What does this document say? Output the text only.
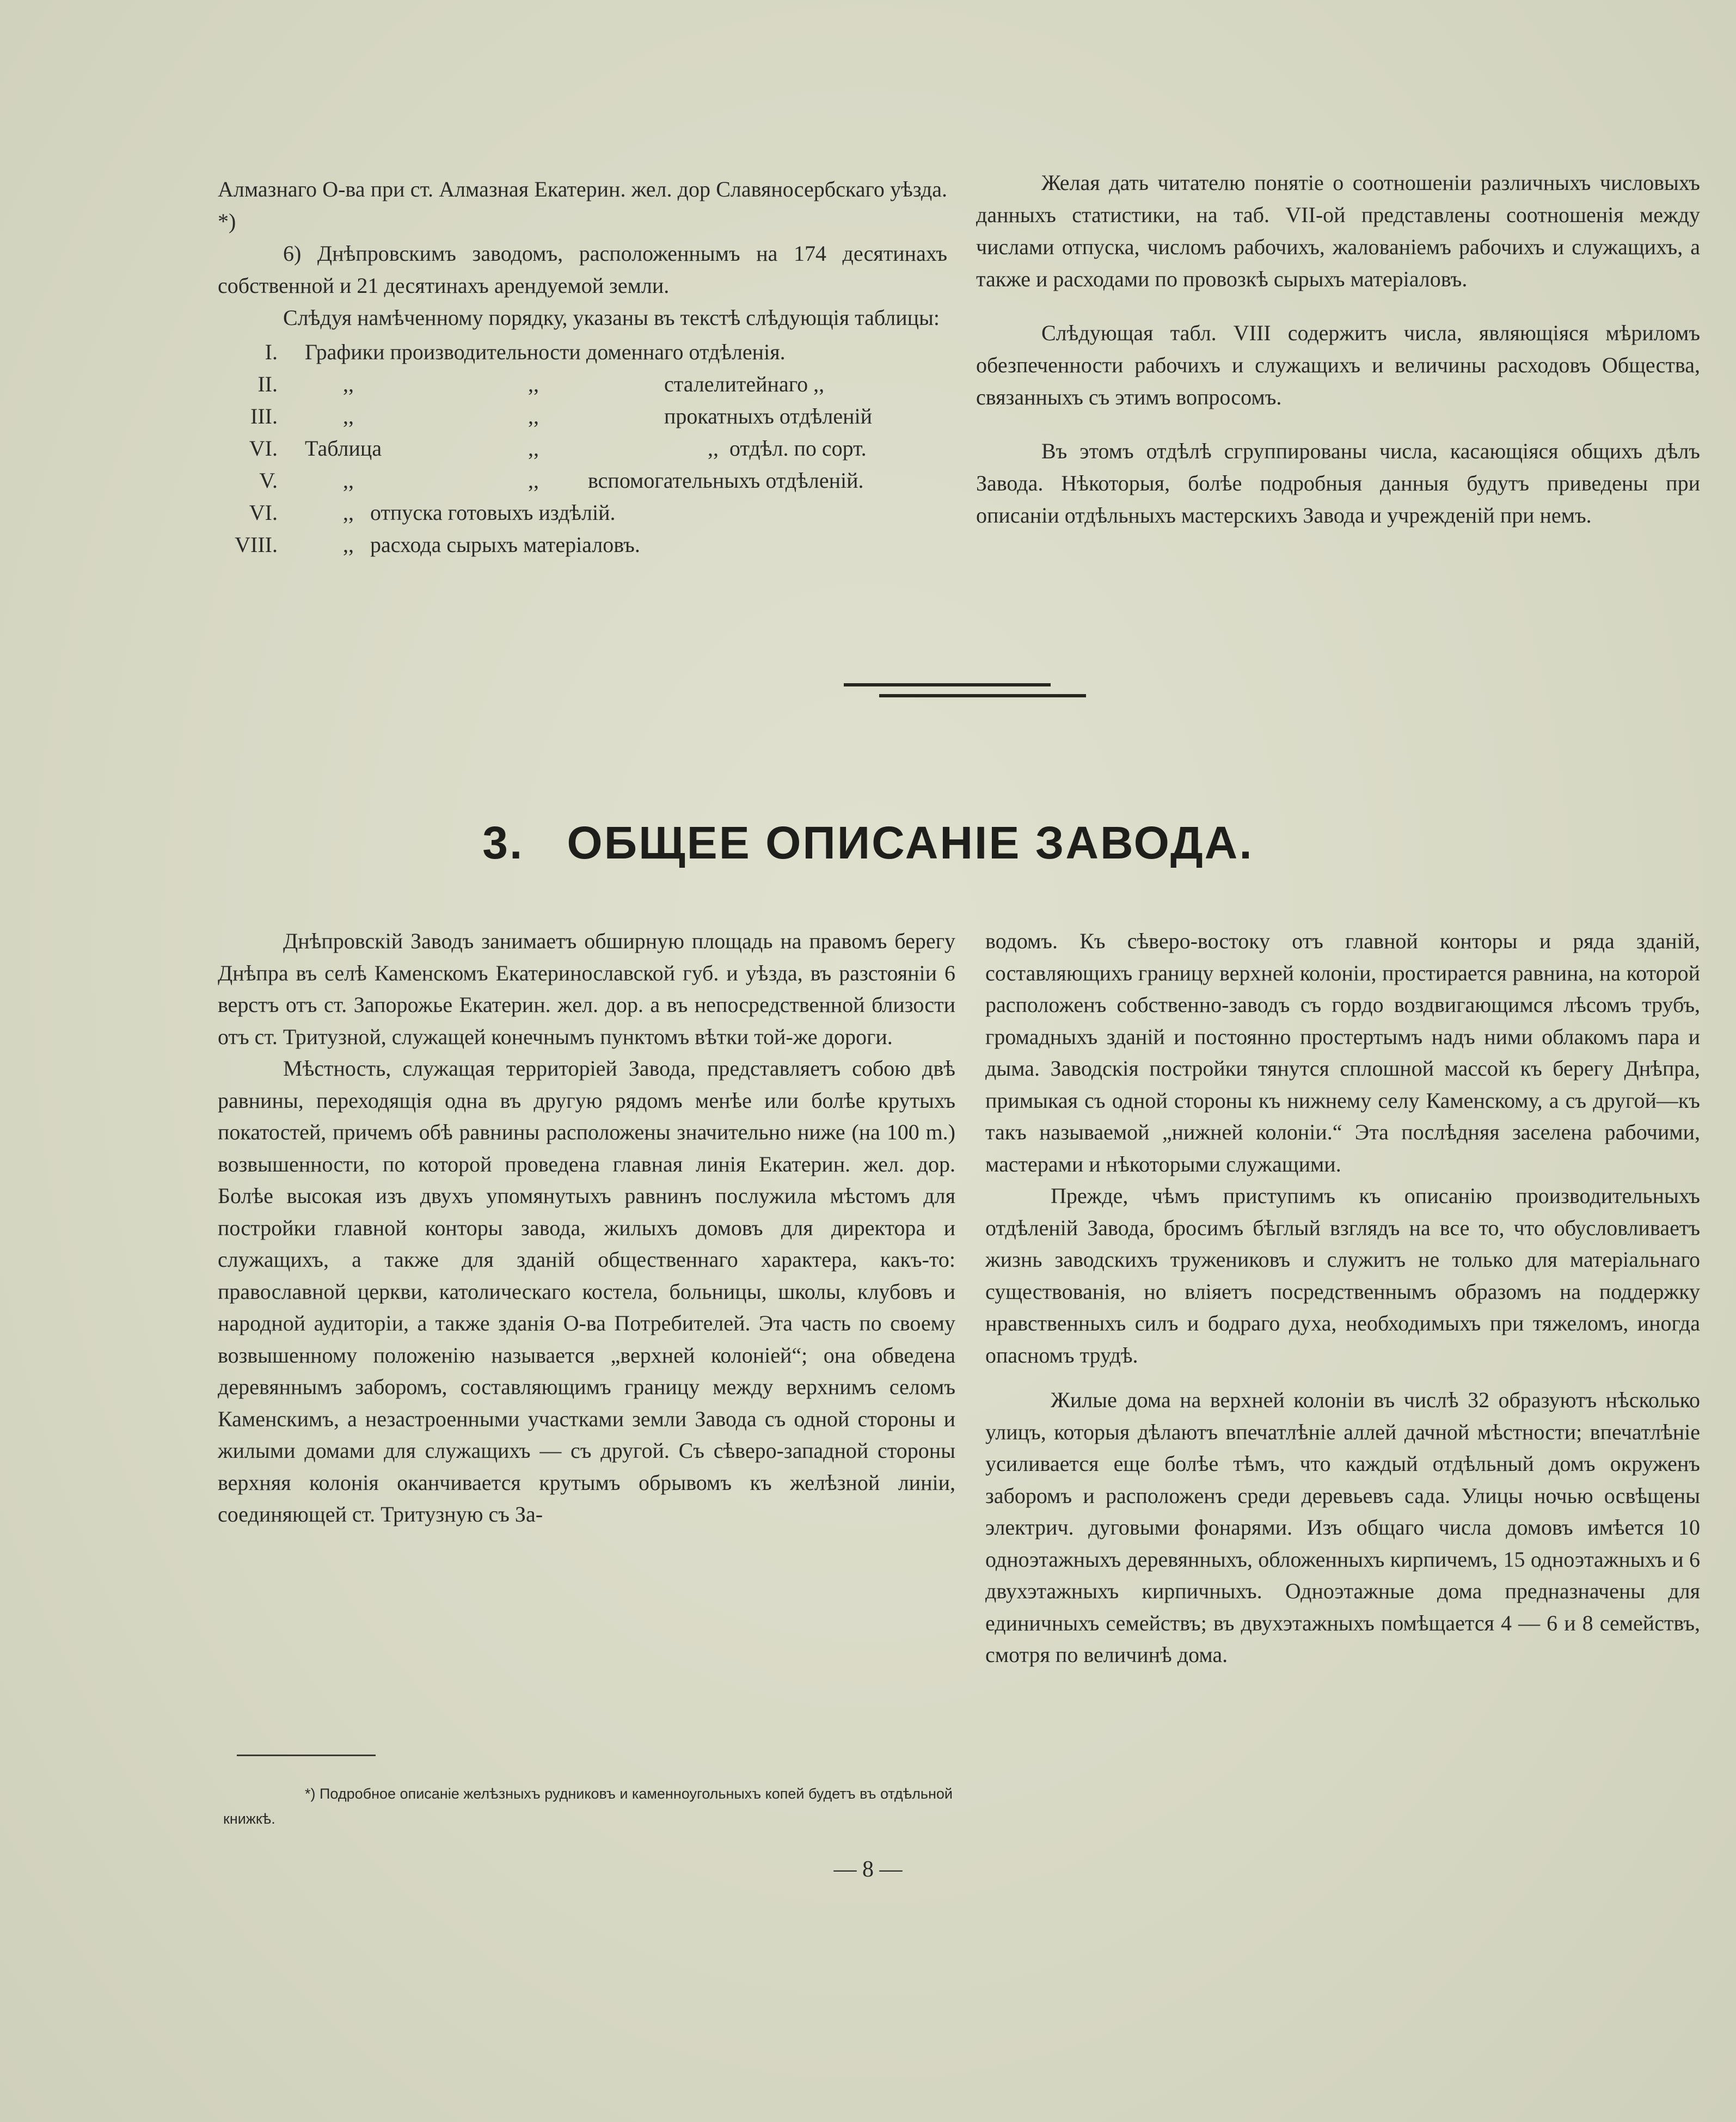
Алмазнаго О-ва при ст. Алмазная Екатерин. жел. дор Славяносербскаго уѣзда. *)

6) Днѣпровскимъ заводомъ, расположеннымъ на 174 десятинахъ собственной и 21 десятинахъ арендуемой земли.

Слѣдуя намѣченному порядку, указаны въ текстѣ слѣдующія таблицы:

I. Графики производительности доменнаго отдѣленія.
II.	,,	,,	сталелитейнаго ,,
III.	,,	,,	прокатныхъ отдѣленій
VI. Таблица	,,	,,  отдѣл. по сорт.
V.	,,	,, вспомогательныхъ отдѣленій.
VI.	,,   отпуска готовыхъ издѣлій.
VIII.	,,   расхода сырыхъ матеріаловъ.

Желая дать читателю понятіе о соотношеніи различныхъ числовыхъ данныхъ статистики, на таб. VII-ой представлены соотношенія между числами отпуска, числомъ рабочихъ, жалованіемъ рабочихъ и служащихъ, а также и расходами по провозкѣ сырыхъ матеріаловъ.

Слѣдующая табл. VIII содержитъ числа, являющіяся мѣриломъ обезпеченности рабочихъ и служащихъ и величины расходовъ Общества, связанныхъ съ этимъ вопросомъ.

Въ этомъ отдѣлѣ сгруппированы числа, касающіяся общихъ дѣлъ Завода. Нѣкоторыя, болѣе подробныя данныя будутъ приведены при описаніи отдѣльныхъ мастерскихъ Завода и учрежденій при немъ.

3.   ОБЩЕЕ ОПИСАНІЕ ЗАВОДА.

Днѣпровскій Заводъ занимаетъ обширную площадь на правомъ берегу Днѣпра въ селѣ Каменскомъ Екатеринославской губ. и уѣзда, въ разстояніи 6 верстъ отъ ст. Запорожье Екатерин. жел. дор. а въ непосредственной близости отъ ст. Тритузной, служащей конечнымъ пунктомъ вѣтки той-же дороги.

Мѣстность, служащая территоріей Завода, представляетъ собою двѣ равнины, переходящія одна въ другую рядомъ менѣе или болѣе крутыхъ покатостей, причемъ обѣ равнины расположены значительно ниже (на 100 m.) возвышенности, по которой проведена главная линія Екатерин. жел. дор. Болѣе высокая изъ двухъ упомянутыхъ равнинъ послужила мѣстомъ для постройки главной конторы завода, жилыхъ домовъ для директора и служащихъ, а также для зданій общественнаго характера, какъ-то: православной церкви, католическаго костела, больницы, школы, клубовъ и народной аудиторіи, а также зданія О-ва Потребителей. Эта часть по своему возвышенному положенію называется „верхней колоніей“; она обведена деревяннымъ заборомъ, составляющимъ границу между верхнимъ селомъ Каменскимъ, а незастроенными участками земли Завода съ одной стороны и жилыми домами для служащихъ — съ другой. Съ сѣверо-западной стороны верхняя колонія оканчивается крутымъ обрывомъ къ желѣзной линіи, соединяющей ст. Тритузную съ За-

водомъ. Къ сѣверо-востоку отъ главной конторы и ряда зданій, составляющихъ границу верхней колоніи, простирается равнина, на которой расположенъ собственно-заводъ съ гордо воздвигающимся лѣсомъ трубъ, громадныхъ зданій и постоянно простертымъ надъ ними облакомъ пара и дыма. Заводскія постройки тянутся сплошной массой къ берегу Днѣпра, примыкая съ одной стороны къ нижнему селу Каменскому, а съ другой—къ такъ называемой „нижней колоніи.“ Эта послѣдняя заселена рабочими, мастерами и нѣкоторыми служащими.

Прежде, чѣмъ приступимъ къ описанію производительныхъ отдѣленій Завода, бросимъ бѣглый взглядъ на все то, что обусловливаетъ жизнь заводскихъ тружениковъ и служитъ не только для матеріальнаго существованія, но вліяетъ посредственнымъ образомъ на поддержку нравственныхъ силъ и бодраго духа, необходимыхъ при тяжеломъ, иногда опасномъ трудѣ.

Жилые дома на верхней колоніи въ числѣ 32 образуютъ нѣсколько улицъ, которыя дѣлаютъ впечатлѣніе аллей дачной мѣстности; впечатлѣніе усиливается еще болѣе тѣмъ, что каждый отдѣльный домъ окруженъ заборомъ и расположенъ среди деревьевъ сада. Улицы ночью освѣщены электрич. дуговыми фонарями. Изъ общаго числа домовъ имѣется 10 одноэтажныхъ деревянныхъ, обложенныхъ кирпичемъ, 15 одноэтажныхъ и 6 двухэтажныхъ кирпичныхъ. Одноэтажные дома предназначены для единичныхъ семействъ; въ двухэтажныхъ помѣщается 4 — 6 и 8 семействъ, смотря по величинѣ дома.

*) Подробное описаніе желѣзныхъ рудниковъ и каменноугольныхъ копей будетъ въ отдѣльной книжкѣ.

— 8 —
